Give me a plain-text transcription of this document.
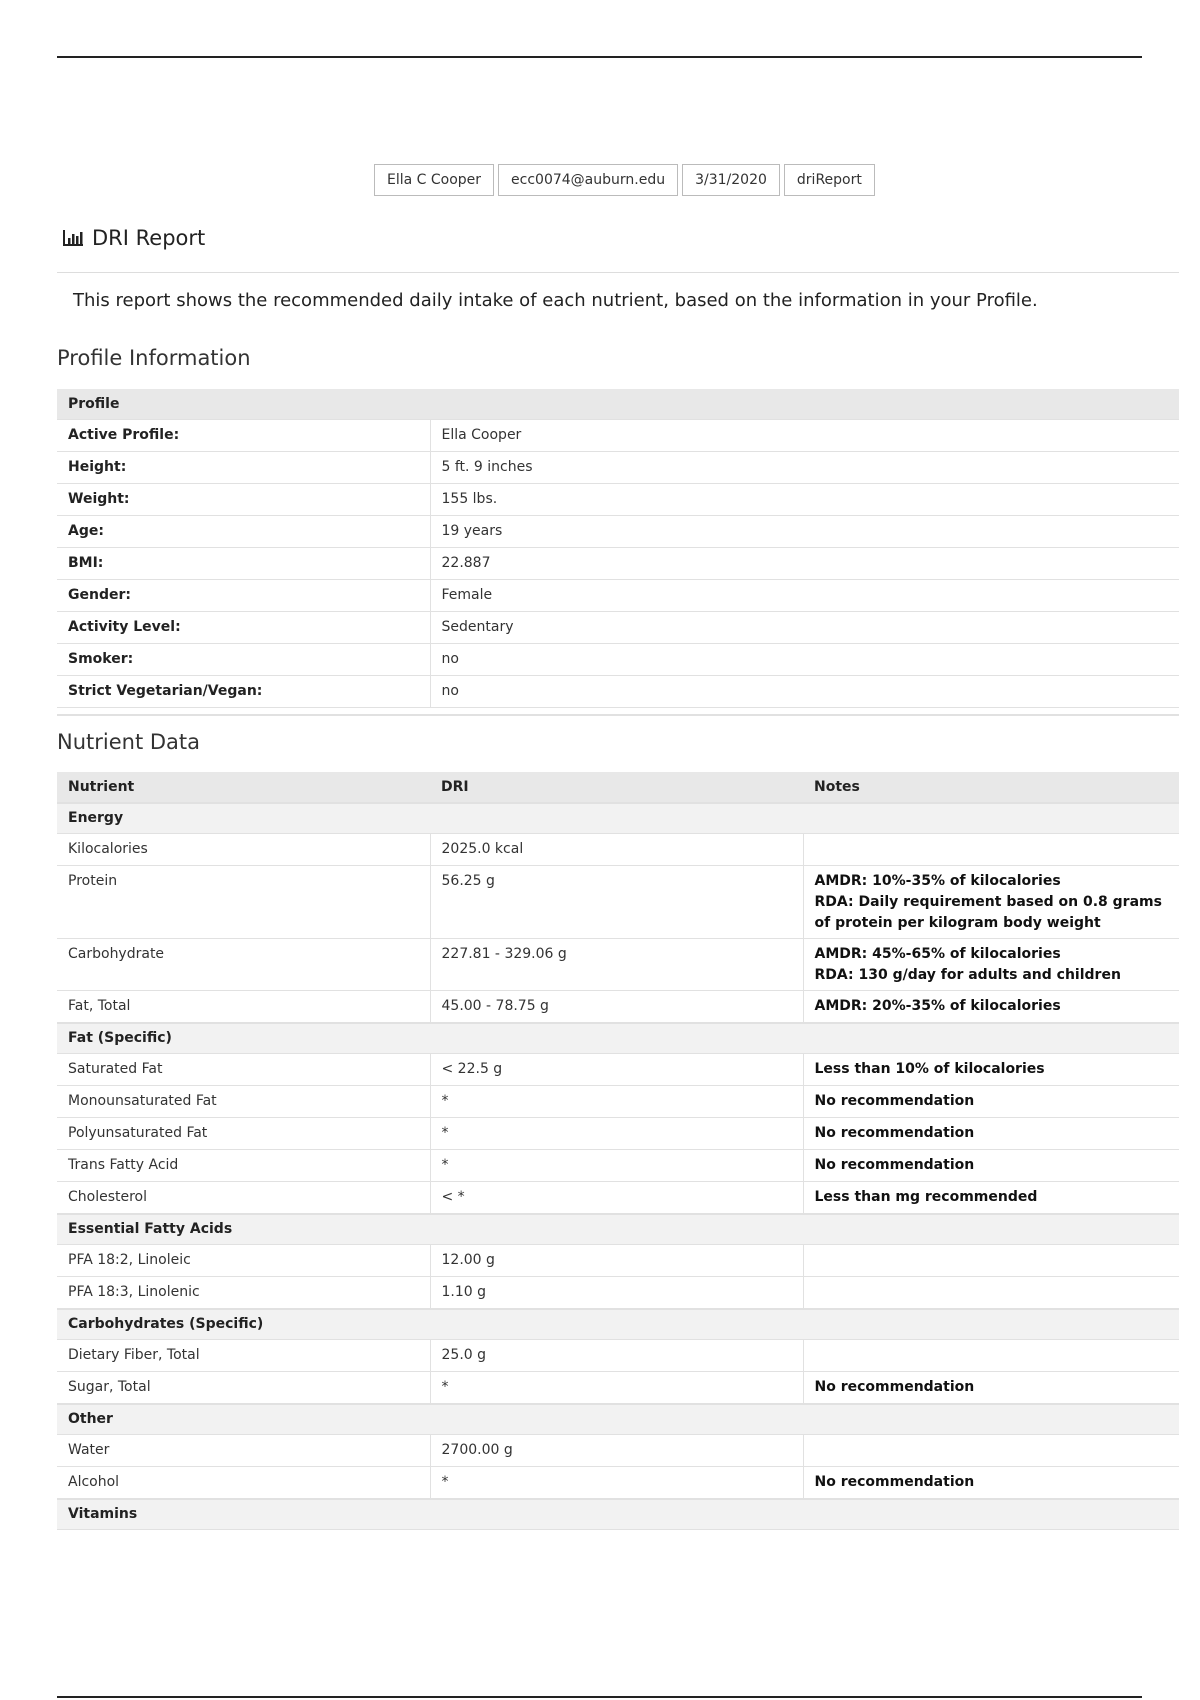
Ella C Cooper	ecc0074@auburn.edu	3/31/2020	driReport
DRI Report
This report shows the recommended daily intake of each nutrient, based on the information in your Profile.
Profile Information
Profile	
Active Profile:	Ella Cooper
Height:	5 ft. 9 inches
Weight:	155 lbs.
Age:	19 years
BMI:	22.887
Gender:	Female
Activity Level:	Sedentary
Smoker:	no
Strict Vegetarian/Vegan:	no
Nutrient Data
Nutrient	DRI	Notes
Energy		
Kilocalories	2025.0 kcal	
Protein	56.25 g	AMDR: 10%-35% of kilocalories
RDA: Daily requirement based on 0.8 grams of protein per kilogram body weight

Carbohydrate	227.81 - 329.06 g	AMDR: 45%-65% of kilocalories
RDA: 130 g/day for adults and children

Fat, Total	45.00 - 78.75 g	AMDR: 20%-35% of kilocalories

Fat (Specific)		
Saturated Fat	< 22.5 g	Less than 10% of kilocalories

Monounsaturated Fat	*	No recommendation

Polyunsaturated Fat	*	No recommendation

Trans Fatty Acid	*	No recommendation

Cholesterol	< *	Less than mg recommended

Essential Fatty Acids		
PFA 18:2, Linoleic	12.00 g	
PFA 18:3, Linolenic	1.10 g	
Carbohydrates (Specific)		
Dietary Fiber, Total	25.0 g	
Sugar, Total	*	No recommendation

Other		
Water	2700.00 g	
Alcohol	*	No recommendation

Vitamins		
